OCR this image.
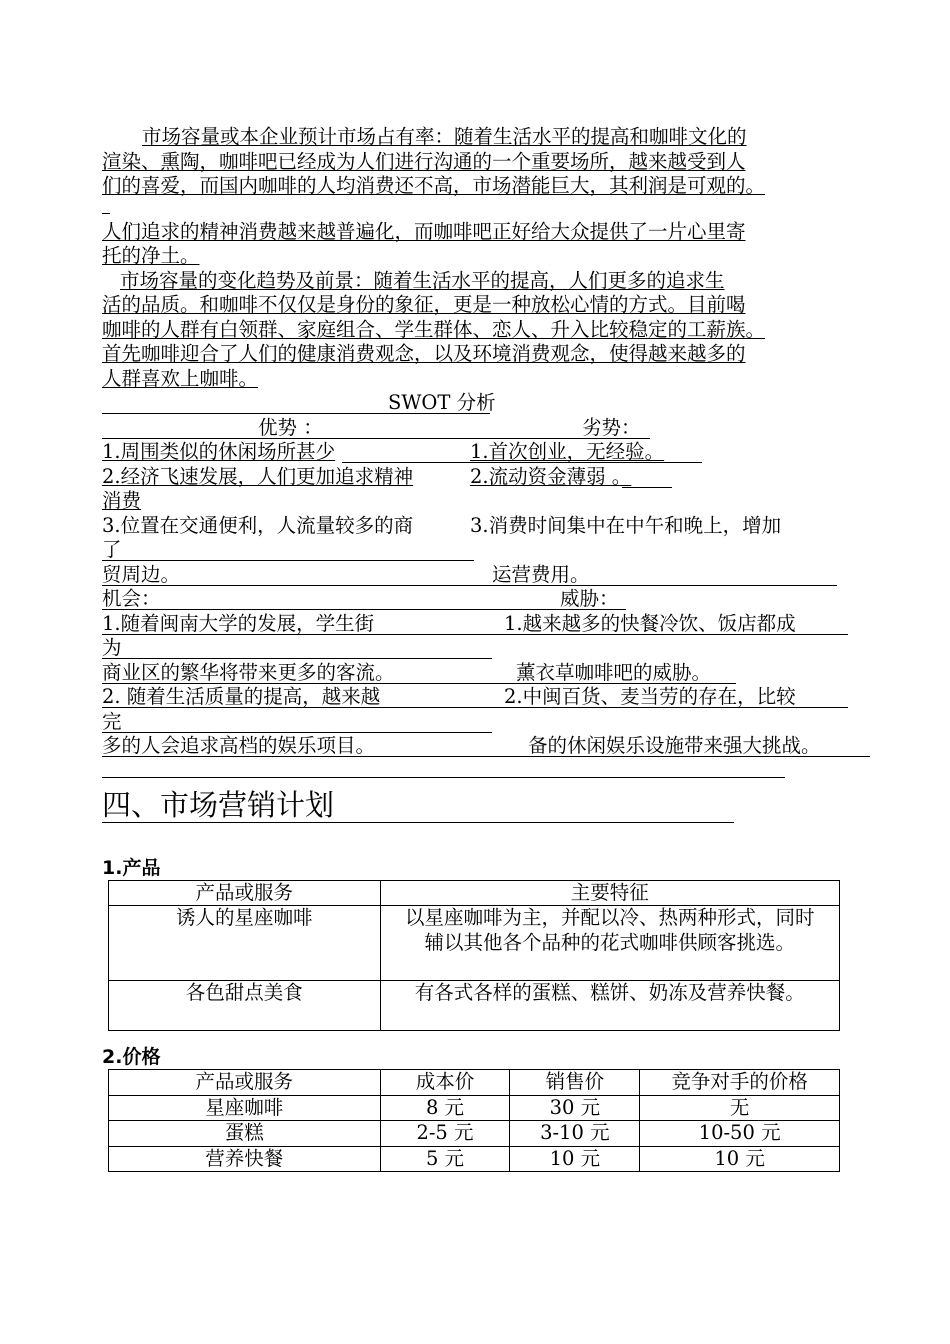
市场容量或本企业预计市场占有率：随着生活水平的提高和咖啡文化的
渲染、熏陶，咖啡吧已经成为人们进行沟通的一个重要场所，越来越受到人
们的喜爱，而国内咖啡的人均消费还不高，市场潜能巨大，其利润是可观的。
人们追求的精神消费越来越普遍化，而咖啡吧正好给大众提供了一片心里寄
托的净土。
市场容量的变化趋势及前景：随着生活水平的提高，人们更多的追求生
活的品质。和咖啡不仅仅是身份的象征，更是一种放松心情的方式。目前喝
咖啡的人群有白领群、家庭组合、学生群体、恋人、升入比较稳定的工薪族。
首先咖啡迎合了人们的健康消费观念，以及环境消费观念，使得越来越多的
人群喜欢上咖啡。
SWOT 分析
优势 ：	劣势：
1.周围类似的休闲场所甚少	1.首次创业，无经验。
2.经济飞速发展，人们更加追求精神	2.流动资金薄弱 。
消费
3.位置在交通便利，人流量较多的商	3.消费时间集中在中午和晚上，增加
了
贸周边。	运营费用。
机会：	威胁：
1.随着闽南大学的发展，学生街	1.越来越多的快餐冷饮、饭店都成
为
商业区的繁华将带来更多的客流。	薰衣草咖啡吧的威胁。
2. 随着生活质量的提高，越来越	2.中闽百货、麦当劳的存在，比较
完
多的人会追求高档的娱乐项目。	备的休闲娱乐设施带来强大挑战。
四、市场营销计划
1.产品
产品或服务	主要特征
诱人的星座咖啡	以星座咖啡为主，并配以冷、热两种形式，同时辅以其他各个品种的花式咖啡供顾客挑选。
各色甜点美食	有各式各样的蛋糕、糕饼、奶冻及营养快餐。
2.价格
产品或服务	成本价	销售价	竞争对手的价格
星座咖啡	8 元	30 元	无
蛋糕	2-5 元	3-10 元	10-50 元
营养快餐	5 元	10 元	10 元
